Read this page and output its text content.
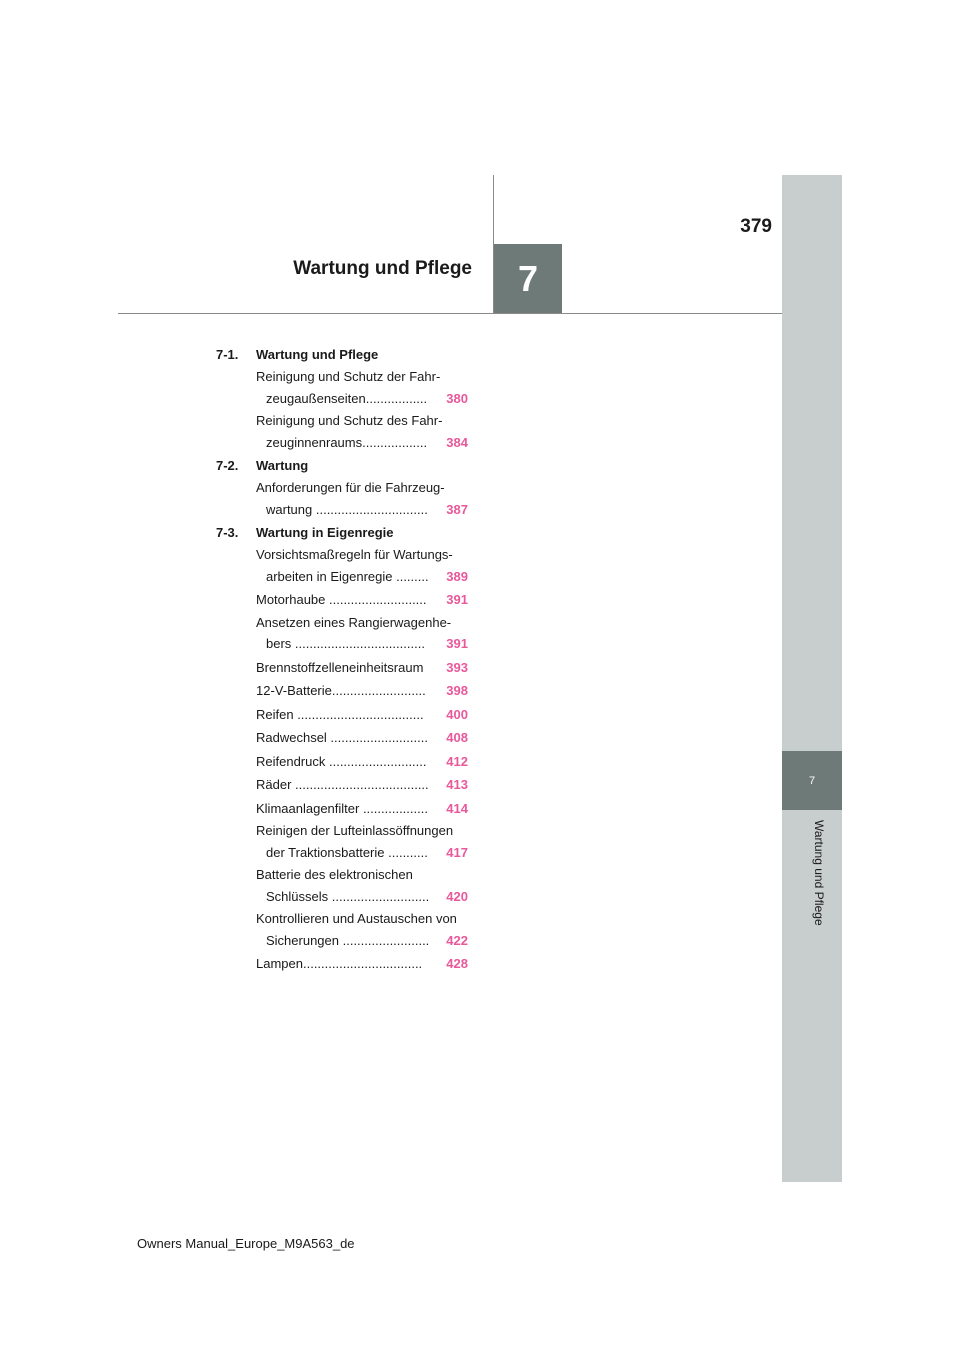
7
379
Wartung und Pflege
7
Wartung und Pflege
7-1. Wartung und Pflege
Reinigung und Schutz der Fahr-
zeugaußenseiten.................	380
Reinigung und Schutz des Fahr-
zeuginnenraums..................	384
7-2. Wartung
Anforderungen für die Fahrzeug-
wartung ...............................	387
7-3. Wartung in Eigenregie
Vorsichtsmaßregeln für Wartungs-
arbeiten in Eigenregie .........	389
Motorhaube ...........................	391
Ansetzen eines Rangierwagenhe-
bers ....................................	391
Brennstoffzelleneinheitsraum	393
12-V-Batterie..........................	398
Reifen ...................................	400
Radwechsel ...........................	408
Reifendruck ...........................	412
Räder .....................................	413
Klimaanlagenfilter ..................	414
Reinigen der Lufteinlassöffnungen
der Traktionsbatterie ...........	417
Batterie des elektronischen
Schlüssels ...........................	420
Kontrollieren und Austauschen von
Sicherungen ........................	422
Lampen.................................	428
Owners Manual_Europe_M9A563_de
